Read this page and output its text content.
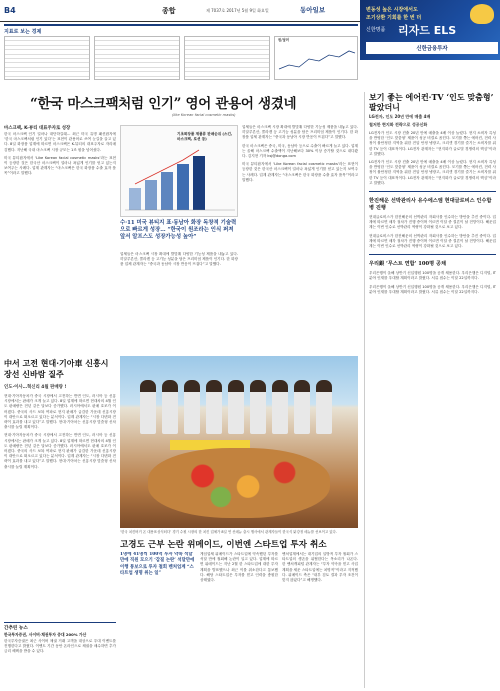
B4	종합	제 7037호 2017년 5월 9일 화요일	동아일보	변동성 높은 시장에서도
조기상환 기회를 한 번 더
신한명품 리자드 ELS
신한금융투자
지표로 보는 경제
원/달러
“한국 마스크팩처럼 인기” 영어 관용어 생겼네
(like Korean facial cosmetic masks)
마스크팩, K-뷰티 대표주자로 성장

한국 마스크팩 인기 얼마나 대단하길래… 최근 미국 유명 패션잡지에 ‘한국 마스크팩처럼 인기 있다’는 표현이 관용어로 쓰여 눈길을 끌고 있다. 8일 화장품 업계에 따르면 마스크팩은 K-뷰티의 대표주자로 자리매김했다. 지난해 국내 마스크팩 시장 규모는 1조 원을 넘어섰다.

미국 뷰티잡지에서 ‘Like Korean facial cosmetic masks’라는 표현이 등장한 것은 한국산 마스크팩이 얼마나 폭넓게 인기를 얻고 있는지 보여주는 사례다. 업계 관계자는 “마스크팩은 한국 화장품 수출 효자 품목”이라고 말했다.

기초화장품 제품류 판매순위 (스킨, 마스크팩, 로션 등)
수·11 미국 뷰티지 표·동남아 화장 독창적 기술력으로 빠르게 성장… “한국이 원조라는 인식 퍼져 앞서 알프스도 성장가능성 높아”

업체들은 마스크팩 시장 확대에 발맞춰 다양한 기능성 제품을 내놓고 있다. 히알루론산, 콜라겐 등 고기능 성분을 담은 프리미엄 제품이 인기다. 한 화장품 업체 관계자는 “중국과 동남아 시장 반응이 뜨겁다”고 말했다.

업체들은 마스크팩 시장 확대에 발맞춰 다양한 기능성 제품을 내놓고 있다. 히알루론산, 콜라겐 등 고기능 성분을 담은 프리미엄 제품이 인기다. 한 화장품 업체 관계자는 “중국과 동남아 시장 반응이 뜨겁다”고 말했다.

한국 마스크팩은 중국, 미국, 동남아 등으로 수출이 빠르게 늘고 있다. 업계는 올해 마스크팩 수출액이 지난해보다 30% 이상 증가할 것으로 내다봤다. 김지현 기자 ksj@donga.com

미국 뷰티잡지에서 ‘Like Korean facial cosmetic masks’라는 표현이 등장한 것은 한국산 마스크팩이 얼마나 폭넓게 인기를 얻고 있는지 보여주는 사례다. 업계 관계자는 “마스크팩은 한국 화장품 수출 효자 품목”이라고 말했다.

보기 좋는 에어컨·TV ‘인도 맞춤형’ 팔았더니
LG전자, 인도 20년 만에 매출 4배
철저한 현지화 전략으로 성공신화

LG전자가 인도 시장 진출 20년 만에 매출을 4배 이상 늘렸다. 현지 소비자 특성을 반영한 ‘인도 맞춤형’ 제품이 성공 비결로 꼽힌다. 모기를 쫓는 에어컨, 전력 사정이 불안정한 지역을 위한 전압 안정 냉장고, 크리켓 경기를 즐기는 소비자를 위한 TV 등이 대표적이다. LG전자 관계자는 “현지화가 글로벌 경쟁력의 핵심”이라고 말했다.

LG전자가 인도 시장 진출 20년 만에 매출을 4배 이상 늘렸다. 현지 소비자 특성을 반영한 ‘인도 맞춤형’ 제품이 성공 비결로 꼽힌다. 모기를 쫓는 에어컨, 전력 사정이 불안정한 지역을 위한 전압 안정 냉장고, 크리켓 경기를 즐기는 소비자를 위한 TV 등이 대표적이다. LG전자 관계자는 “현지화가 글로벌 경쟁력의 핵심”이라고 말했다.

한진해운 선박관리사 유수에스엠 현대글로비스 인수합병 진행

현대글로비스가 한진해운의 선박관리 자회사를 인수하는 방안을 추진 중이다. 업계에 따르면 매각 절차가 진행 중이며 이르면 이달 중 결론이 날 전망이다. 해운업계는 이번 인수로 선박관리 역량이 강화될 것으로 보고 있다.

현대글로비스가 한진해운의 선박관리 자회사를 인수하는 방안을 추진 중이다. 업계에 따르면 매각 절차가 진행 중이며 이르면 이달 중 결론이 날 전망이다. 해운업계는 이번 인수로 선박관리 역량이 강화될 것으로 보고 있다.

우리銀 ‘무스트 연합’ 100명 공채

우리은행이 올해 상반기 신입행원 100명을 공개 채용한다. 우리은행은 디지털, IT 분야 인재를 우대할 계획이라고 밝혔다. 서류 접수는 이달 22일까지다.

우리은행이 올해 상반기 신입행원 100명을 공개 채용한다. 우리은행은 디지털, IT 분야 인재를 우대할 계획이라고 밝혔다. 서류 접수는 이달 22일까지다.

中서 고전 현대·기아車 신흥시장선 신바람 질주
인도·이사…혁신리 4월 판매량 !

현대·기아자동차가 중국 시장에서 고전하는 반면 인도, 러시아 등 신흥시장에서는 판매가 크게 늘고 있다. 8일 업계에 따르면 현대차의 4월 인도 판매량은 전년 같은 달보다 증가했다. 러시아에서도 판매 호조가 이어졌다. 중국의 사드 보복 여파로 현지 판매가 급감한 가운데 신흥시장이 대안으로 떠오르고 있다는 분석이다. 업계 관계자는 “시장 다변화 전략이 효과를 내고 있다”고 말했다. 현대·기아차는 신흥시장 맞춤형 신차 출시를 늘릴 계획이다.

현대·기아자동차가 중국 시장에서 고전하는 반면 인도, 러시아 등 신흥시장에서는 판매가 크게 늘고 있다. 8일 업계에 따르면 현대차의 4월 인도 판매량은 전년 같은 달보다 증가했다. 러시아에서도 판매 호조가 이어졌다. 중국의 사드 보복 여파로 현지 판매가 급감한 가운데 신흥시장이 대안으로 떠오르고 있다는 분석이다. 업계 관계자는 “시장 다변화 전략이 효과를 내고 있다”고 말했다. 현대·기아차는 신흥시장 맞춤형 신차 출시를 늘릴 계획이다.

‘한국 치킨버거 온 대용표상식퇴다’ 경기 수원 시장의 한 치킨 업체가 8일 연 신메뉴 출시 행사에서 관계자들이 한국식 닭강정 메뉴를 선보이고 있다.
고경도 근부 논란 위메이드, 이번엔 스타트업 투자 취소

1명에 41명씩 100억 투자 약속 석달만에 직원 모으기 ‘갑질 논란’ 석달만에 이행 통보으로 투자 철회 벤처업계 “스타트업 생명 위는 일”

게임업체 위메이드가 스타트업에 약속했던 투자를 석달 만에 철회해 논란이 일고 있다. 업계에 따르면 위메이드는 지난 2월 한 스타트업에 대한 투자 계획을 발표했으나 최근 이를 취소한다고 통보했다. 해당 스타트업은 투자를 믿고 인력을 충원한 상태였다.

벤처업계에서는 대기업의 일방적 투자 철회가 스타트업의 생존을 위협한다는 목소리가 나온다. 한 벤처캐피털 관계자는 “투자 약속을 믿고 사업 계획을 세운 스타트업에는 치명적”이라고 지적했다. 위메이드 측은 “내부 검토 결과 투자 조건이 맞지 않았다”고 해명했다.

간추린 뉴스
한국투자증권, 사이버·채권투자 증대 200% 가산

한국투자증권은 최근 사이버 채권 거래 고객을 대상으로 우대 이벤트를 진행한다고 밝혔다. 이벤트 기간 동안 온라인으로 채권을 매수하면 추가 금리 혜택을 받을 수 있다.
